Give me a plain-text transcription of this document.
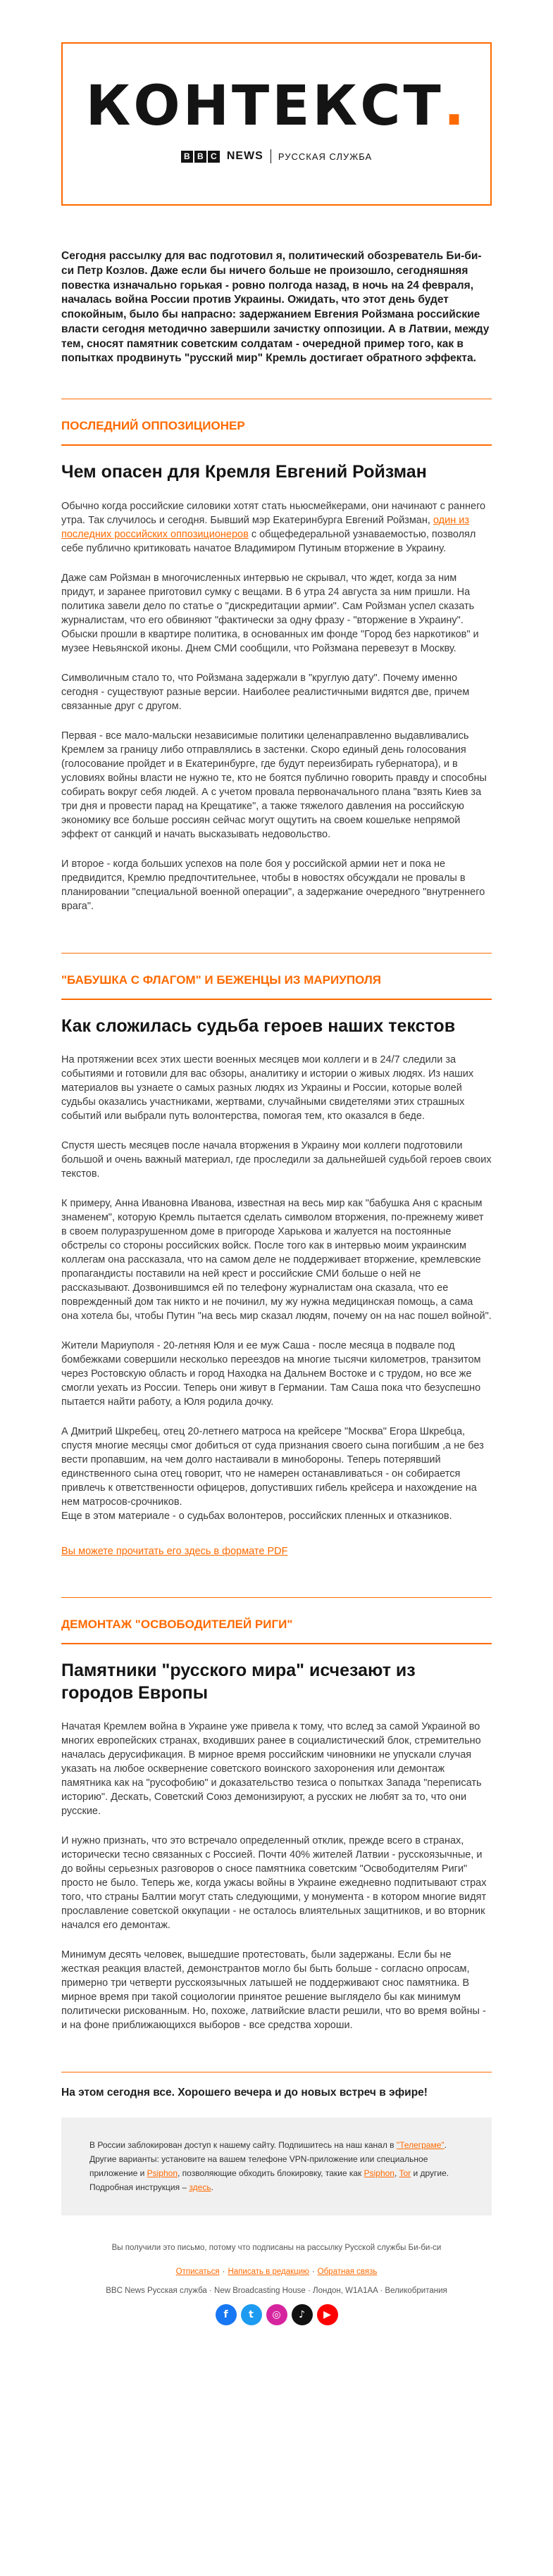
КОНТЕКСТ.
B B C NEWS РУССКАЯ СЛУЖБА
Сегодня рассылку для вас подготовил я, политический обозреватель Би-би-си Петр Козлов. Даже если бы ничего больше не произошло, сегодняшняя повестка изначально горькая - ровно полгода назад, в ночь на 24 февраля, началась война России против Украины. Ожидать, что этот день будет спокойным, было бы напрасно: задержанием Евгения Ройзмана российские власти сегодня методично завершили зачистку оппозиции. А в Латвии, между тем, сносят памятник советским солдатам - очередной пример того, как в попытках продвинуть "русский мир" Кремль достигает обратного эффекта.
ПОСЛЕДНИЙ ОППОЗИЦИОНЕР
Чем опасен для Кремля Евгений Ройзман
Обычно когда российские силовики хотят стать ньюсмейкерами, они начинают с раннего утра. Так случилось и сегодня. Бывший мэр Екатеринбурга Евгений Ройзман, один из последних российских оппозиционеров с общефедеральной узнаваемостью, позволял себе публично критиковать начатое Владимиром Путиным вторжение в Украину.
Даже сам Ройзман в многочисленных интервью не скрывал, что ждет, когда за ним придут, и заранее приготовил сумку с вещами. В 6 утра 24 августа за ним пришли. На политика завели дело по статье о "дискредитации армии". Сам Ройзман успел сказать журналистам, что его обвиняют "фактически за одну фразу - "вторжение в Украину". Обыски прошли в квартире политика, в основанных им фонде "Город без наркотиков" и музее Невьянской иконы. Днем СМИ сообщили, что Ройзмана перевезут в Москву.
Символичным стало то, что Ройзмана задержали в "круглую дату". Почему именно сегодня - существуют разные версии. Наиболее реалистичными видятся две, причем связанные друг с другом.
Первая - все мало-мальски независимые политики целенаправленно выдавливались Кремлем за границу либо отправлялись в застенки. Скоро единый день голосования (голосование пройдет и в Екатеринбурге, где будут переизбирать губернатора), и в условиях войны власти не нужно те, кто не боятся публично говорить правду и способны собирать вокруг себя людей. А с учетом провала первоначального плана "взять Киев за три дня и провести парад на Крещатике", а также тяжелого давления на российскую экономику все больше россиян сейчас могут ощутить на своем кошельке непрямой эффект от санкций и начать высказывать недовольство.
И второе - когда больших успехов на поле боя у российской армии нет и пока не предвидится, Кремлю предпочтительнее, чтобы в новостях обсуждали не провалы в планировании "специальной военной операции", а задержание очередного "внутреннего врага".
"БАБУШКА С ФЛАГОМ" И БЕЖЕНЦЫ ИЗ МАРИУПОЛЯ
Как сложилась судьба героев наших текстов
На протяжении всех этих шести военных месяцев мои коллеги и в 24/7 следили за событиями и готовили для вас обзоры, аналитику и истории о живых людях. Из наших материалов вы узнаете о самых разных людях из Украины и России, которые волей судьбы оказались участниками, жертвами, случайными свидетелями этих страшных событий или выбрали путь волонтерства, помогая тем, кто оказался в беде.
Спустя шесть месяцев после начала вторжения в Украину мои коллеги подготовили большой и очень важный материал, где проследили за дальнейшей судьбой героев своих текстов.
К примеру, Анна Ивановна Иванова, известная на весь мир как "бабушка Аня с красным знаменем", которую Кремль пытается сделать символом вторжения, по-прежнему живет в своем полуразрушенном доме в пригороде Харькова и жалуется на постоянные обстрелы со стороны российских войск. После того как в интервью моим украинским коллегам она рассказала, что на самом деле не поддерживает вторжение, кремлевские пропагандисты поставили на ней крест и российские СМИ больше о ней не рассказывают. Дозвонившимся ей по телефону журналистам она сказала, что ее поврежденный дом так никто и не починил, му жу нужна медицинская помощь, а сама она хотела бы, чтобы Путин "на весь мир сказал людям, почему он на нас пошел войной".
Жители Мариуполя - 20-летняя Юля и ее муж Саша - после месяца в подвале под бомбежками совершили несколько переездов на многие тысячи километров, транзитом через Ростовскую область и город Находка на Дальнем Востоке и с трудом, но все же смогли уехать из России. Теперь они живут в Германии. Там Саша пока что безуспешно пытается найти работу, а Юля родила дочку.
А Дмитрий Шкребец, отец 20-летнего матроса на крейсере "Москва" Егора Шкребца, спустя многие месяцы смог добиться от суда признания своего сына погибшим ,а не без вести пропавшим, на чем долго настаивали в минобороны. Теперь потерявший единственного сына отец говорит, что не намерен останавливаться - он собирается привлечь к ответственности офицеров, допустивших гибель крейсера и нахождение на нем матросов-срочников.
Еще в этом материале - о судьбах волонтеров, российских пленных и отказников.
Вы можете прочитать его здесь в формате PDF
ДЕМОНТАЖ "ОСВОБОДИТЕЛЕЙ РИГИ"
Памятники "русского мира" исчезают из городов Европы
Начатая Кремлем война в Украине уже привела к тому, что вслед за самой Украиной во многих европейских странах, входивших ранее в социалистический блок, стремительно началась дерусификация. В мирное время российским чиновники не упускали случая указать на любое осквернение советского воинского захоронения или демонтаж памятника как на "русофобию" и доказательство тезиса о попытках Запада "переписать историю". Дескать, Советский Союз демонизируют, а русских не любят за то, что они русские.
И нужно признать, что это встречало определенный отклик, прежде всего в странах, исторически тесно связанных с Россией. Почти 40% жителей Латвии - русскоязычные, и до войны серьезных разговоров о сносе памятника советским "Освободителям Риги" просто не было. Теперь же, когда ужасы войны в Украине ежедневно подпитывают страх того, что страны Балтии могут стать следующими, у монумента - в котором многие видят прославление советской оккупации - не осталось влиятельных защитников, и во вторник начался его демонтаж.
Минимум десять человек, вышедшие протестовать, были задержаны. Если бы не жесткая реакция властей, демонстрантов могло бы быть больше - согласно опросам, примерно три четверти русскоязычных латышей не поддерживают снос памятника. В мирное время при такой социологии принятое решение выглядело бы как минимум политически рискованным. Но, похоже, латвийские власти решили, что во время войны - и на фоне приближающихся выборов - все средства хороши.
На этом сегодня все. Хорошего вечера и до новых встреч в эфире!
В России заблокирован доступ к нашему сайту. Подпишитесь на наш канал в "Телеграме". Другие варианты: установите на вашем телефоне VPN-приложение или специальное приложение и Psiphon, позволяющие обходить блокировку, такие как Psiphon, Tor и другие. Подробная инструкция – здесь.
Вы получили это письмо, потому что подписаны на рассылку Русской службы Би-би-си
Отписаться · Написать в редакцию · Обратная связь
BBC News Русская служба · New Broadcasting House · Лондон, W1A1AA · Великобритания
f	t	◎	♪	▶
